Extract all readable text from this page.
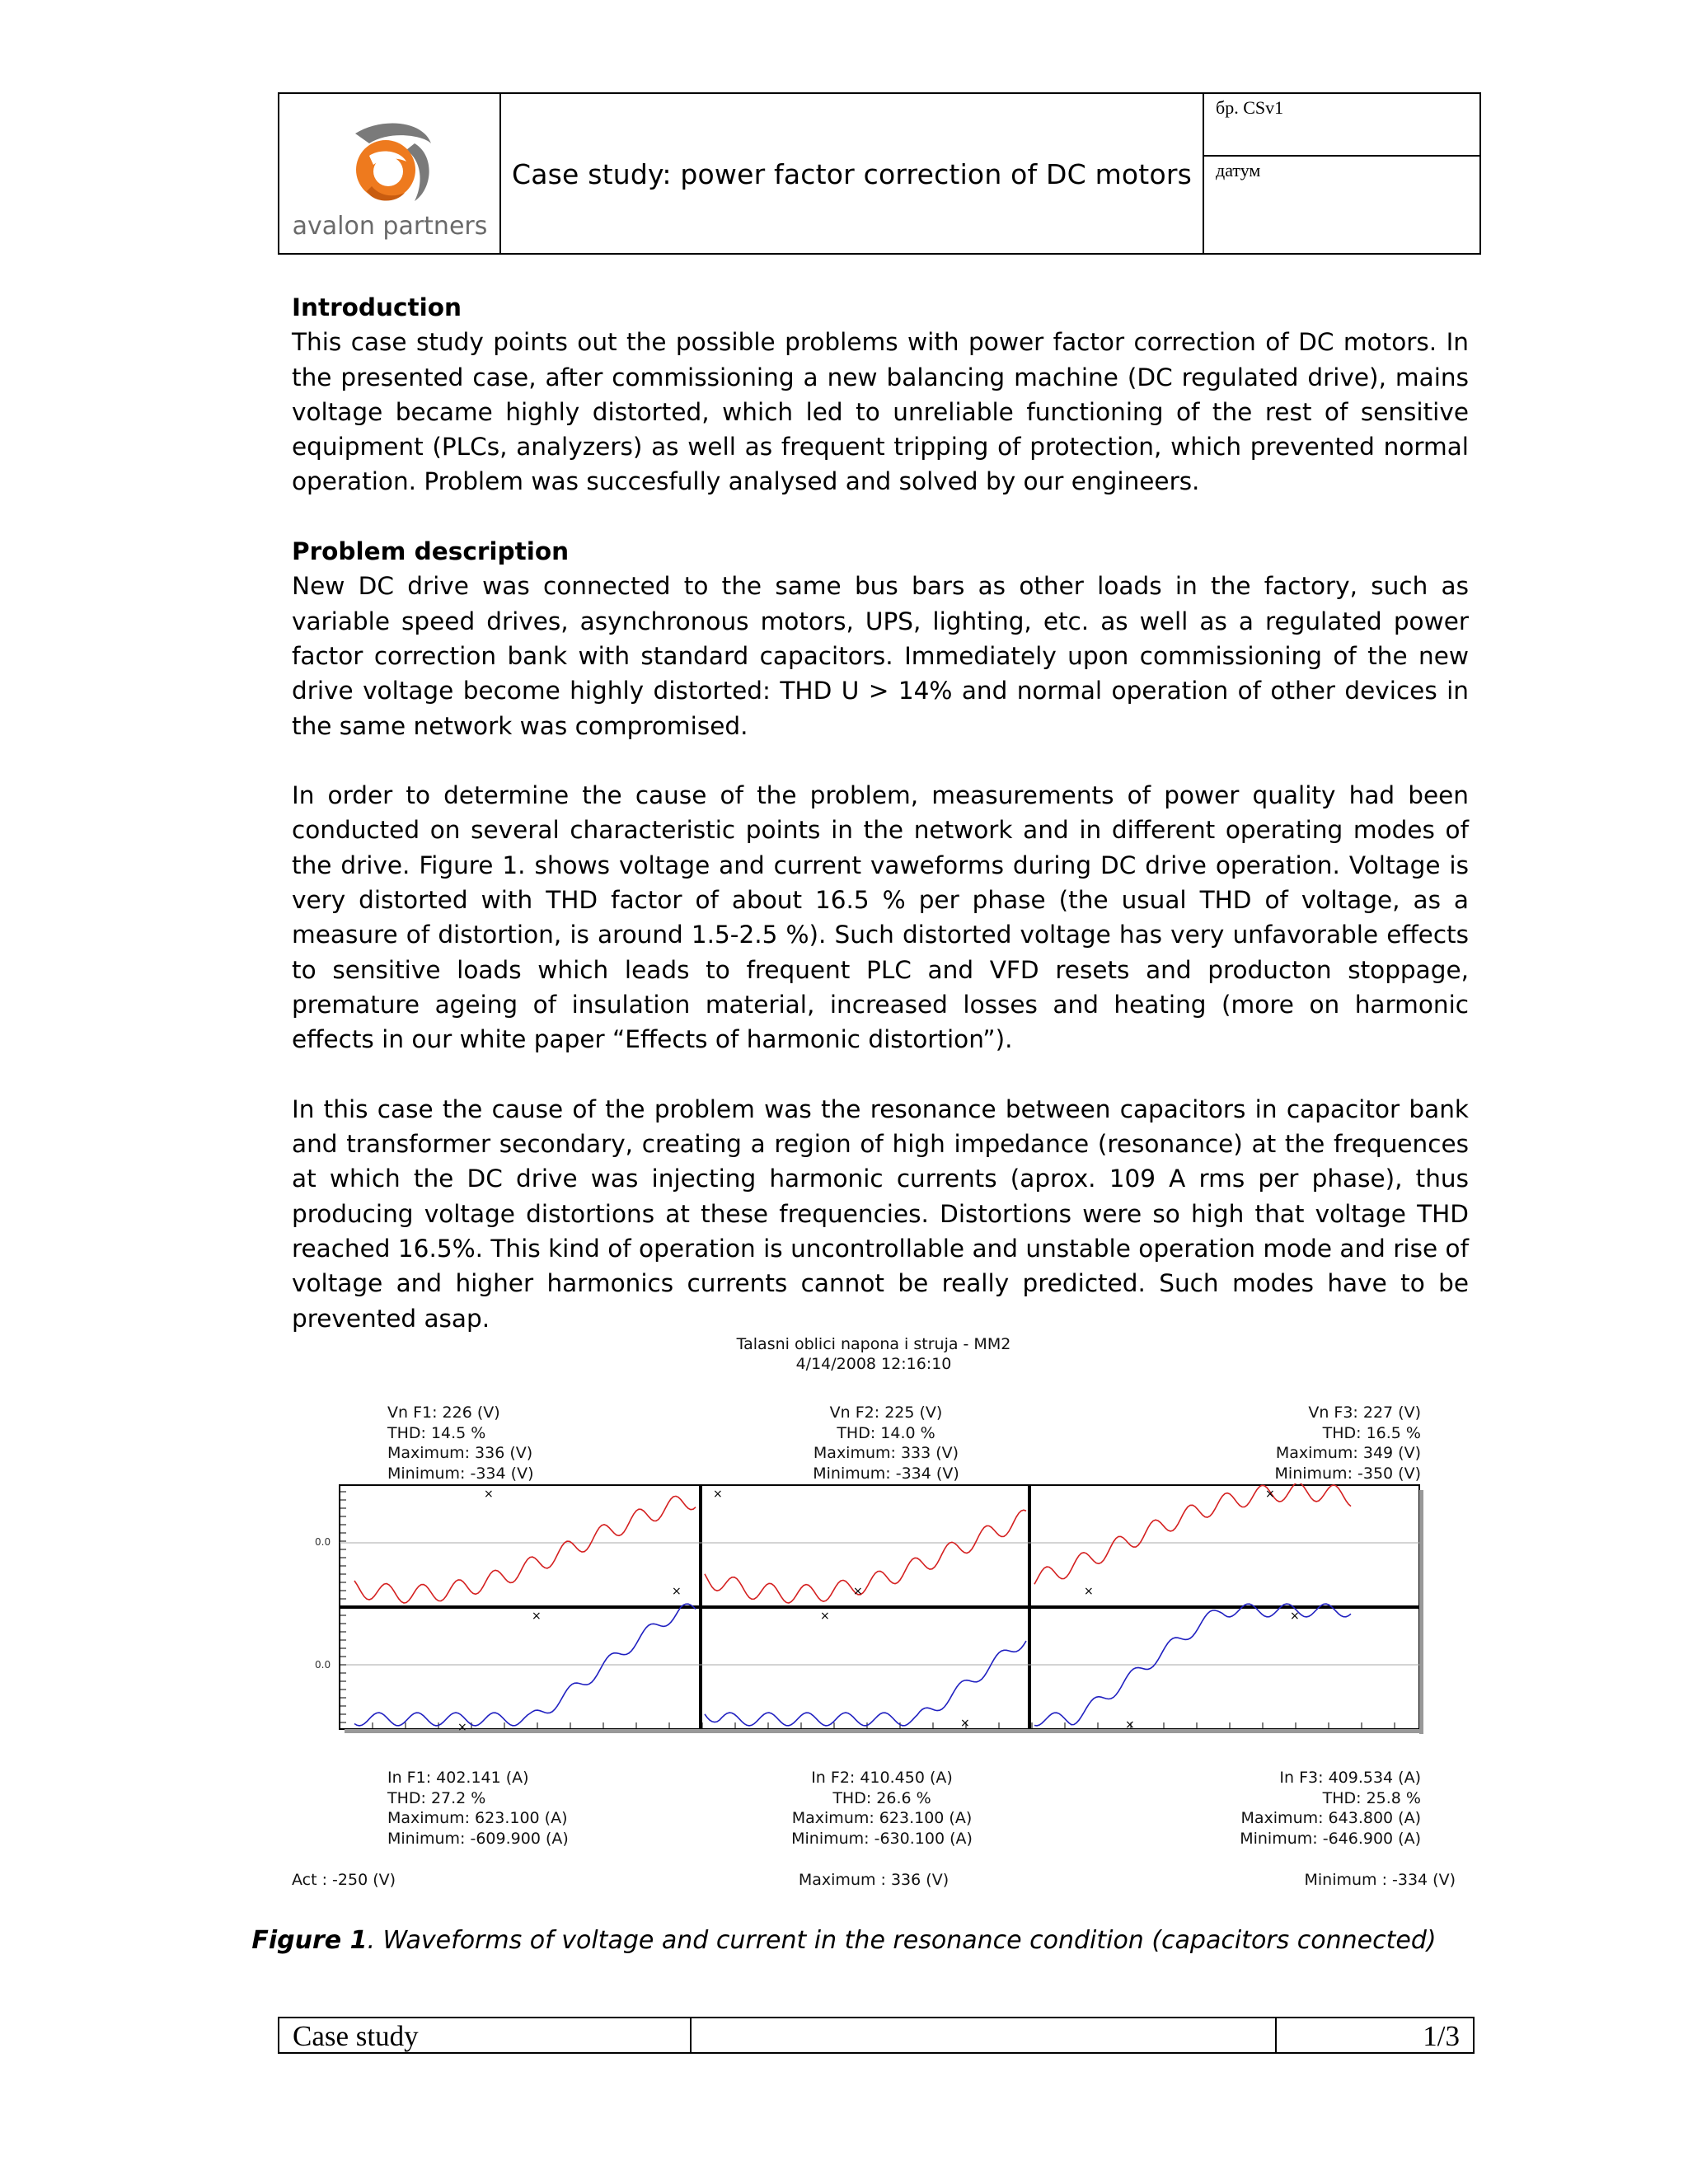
avalon partners
Case study: power factor correction of DC motors
бр. CSv1
датум
Introduction

This case study points out the possible problems with power factor correction of DC motors. In the presented case, after commissioning a new balancing machine (DC regulated drive), mains voltage became highly distorted, which led to unreliable functioning of the rest of sensitive equipment (PLCs, analyzers) as well as frequent tripping of protection, which prevented normal operation. Problem was succesfully analysed and solved by our engineers.

Problem description

New DC drive was connected to the same bus bars as other loads in the factory, such as variable speed drives, asynchronous motors, UPS, lighting, etc. as well as a regulated power factor correction bank with standard capacitors. Immediately upon commissioning of the new drive voltage become highly distorted: THD U > 14% and normal operation of other devices in the same network was compromised.

In order to determine the cause of the problem, measurements of power quality had been conducted on several characteristic points in the network and in different operating modes of the drive. Figure 1. shows voltage and current vaweforms during DC drive operation. Voltage is very distorted with THD factor of about 16.5 % per phase (the usual THD of voltage, as a measure of distortion, is around 1.5-2.5 %). Such distorted voltage has very unfavorable effects to sensitive loads which leads to frequent PLC and VFD resets and producton stoppage, premature ageing of insulation material, increased losses and heating (more on harmonic effects in our white paper “Effects of harmonic distortion”).

In this case the cause of the problem was the resonance between capacitors in capacitor bank and transformer secondary, creating a region of high impedance (resonance) at the frequences at which the DC drive was injecting harmonic currents (aprox. 109 A rms per phase), thus producing voltage distortions at these frequencies. Distortions were so high that voltage THD reached 16.5%. This kind of operation is uncontrollable and unstable operation mode and rise of voltage and higher harmonics currents cannot be really predicted. Such modes have to be prevented asap.

Talasni oblici napona i struja - MM2
4/14/2008 12:16:10
Vn F1: 226 (V)
THD: 14.5 %
Maximum: 336 (V)
Minimum: -334 (V)
Vn F2: 225 (V)
THD: 14.0 %
Maximum: 333 (V)
Minimum: -334 (V)
Vn F3: 227 (V)
THD: 16.5 %
Maximum: 349 (V)
Minimum: -350 (V)
×
×
×
×
×
×
×
×
×
×
×
×
0.0
0.0
In F1: 402.141 (A)
THD: 27.2 %
Maximum: 623.100 (A)
Minimum: -609.900 (A)
In F2: 410.450 (A)
THD: 26.6 %
Maximum: 623.100 (A)
Minimum: -630.100 (A)
In F3: 409.534 (A)
THD: 25.8 %
Maximum: 643.800 (A)
Minimum: -646.900 (A)
Act : -250 (V)	Maximum : 336 (V)	Minimum : -334 (V)
Figure 1. Waveforms of voltage and current in the resonance condition (capacitors connected)
Case study	1/3
